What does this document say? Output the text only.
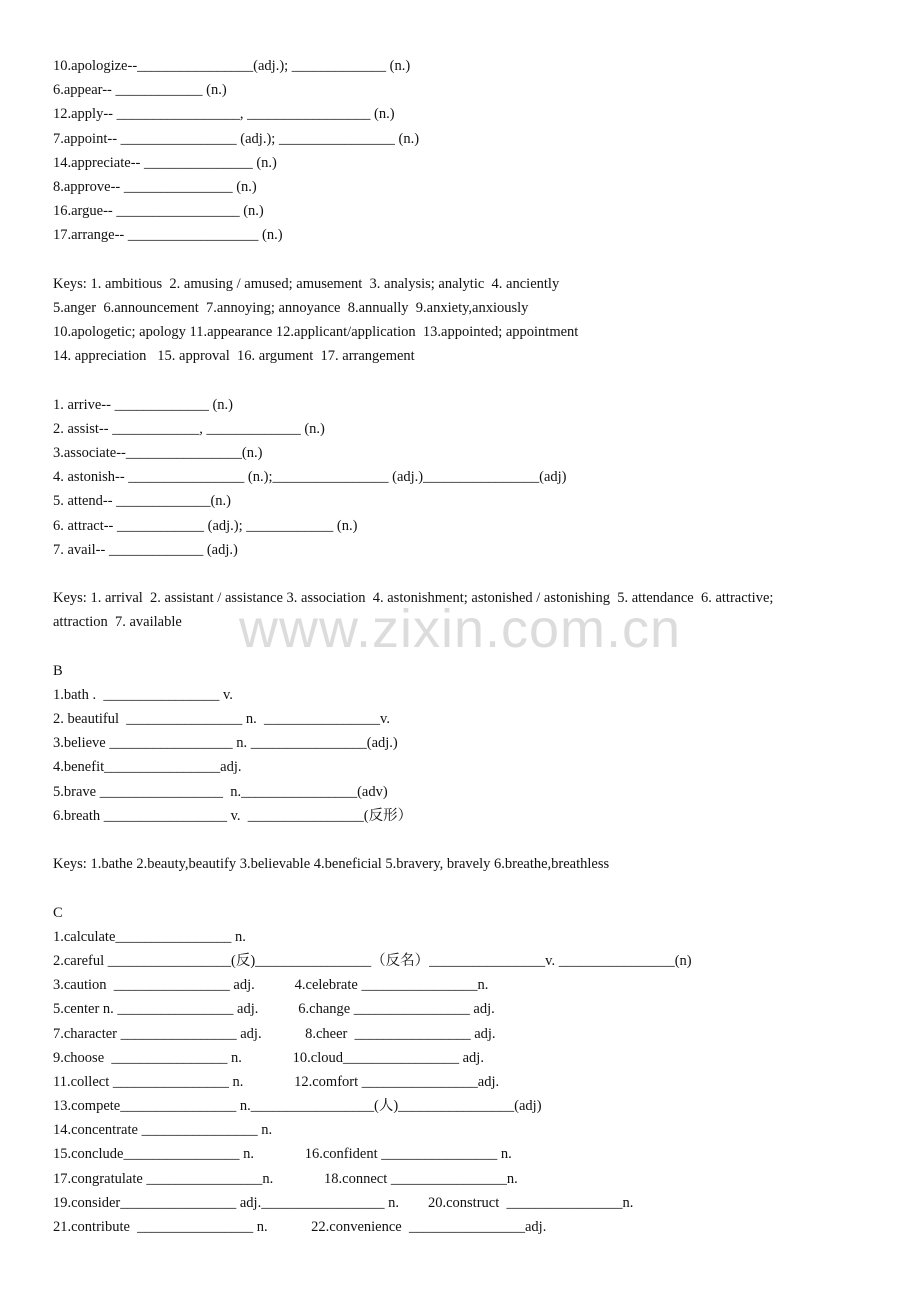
10.apologize--________________(adj.); _____________ (n.)
6.appear-- ____________ (n.)
12.apply-- _________________, _________________ (n.)
7.appoint-- ________________ (adj.); ________________ (n.)
14.appreciate-- _______________ (n.)
8.approve-- _______________ (n.)
16.argue-- _________________ (n.)
17.arrange-- __________________ (n.)
Keys: 1. ambitious  2. amusing / amused; amusement  3. analysis; analytic  4. anciently
5.anger  6.announcement  7.annoying; annoyance  8.annually  9.anxiety,anxiously
10.apologetic; apology 11.appearance 12.applicant/application  13.appointed; appointment
14. appreciation   15. approval  16. argument  17. arrangement
1. arrive-- _____________ (n.)
2. assist-- ____________, _____________ (n.)
3.associate--________________(n.)
4. astonish-- ________________ (n.);________________ (adj.)________________(adj)
5. attend-- _____________(n.)
6. attract-- ____________ (adj.); ____________ (n.)
7. avail-- _____________ (adj.)
Keys: 1. arrival  2. assistant / assistance 3. association  4. astonishment; astonished / astonishing  5. attendance  6. attractive;
attraction  7. available
B
1.bath .  ________________ v.
2. beautiful  ________________ n.  ________________v.
3.believe _________________ n. ________________(adj.)
4.benefit________________adj.
5.brave _________________  n.________________(adv)
6.breath _________________ v.  ________________(反形）
Keys: 1.bathe 2.beauty,beautify 3.believable 4.beneficial 5.bravery, bravely 6.breathe,breathless
C
1.calculate________________ n.
2.careful _________________(反)________________（反名）________________v. ________________(n)
3.caution  ________________ adj.           4.celebrate ________________n.
5.center n. ________________ adj.           6.change ________________ adj.
7.character ________________ adj.            8.cheer  ________________ adj.
9.choose  ________________ n.              10.cloud________________ adj.
11.collect ________________ n.              12.comfort ________________adj.
13.compete________________ n._________________(人)________________(adj)
14.concentrate ________________ n.
15.conclude________________ n.              16.confident ________________ n.
17.congratulate ________________n.              18.connect ________________n.
19.consider________________ adj._________________ n.        20.construct  ________________n.
21.contribute  ________________ n.            22.convenience  ________________adj.
www.zixin.com.cn
